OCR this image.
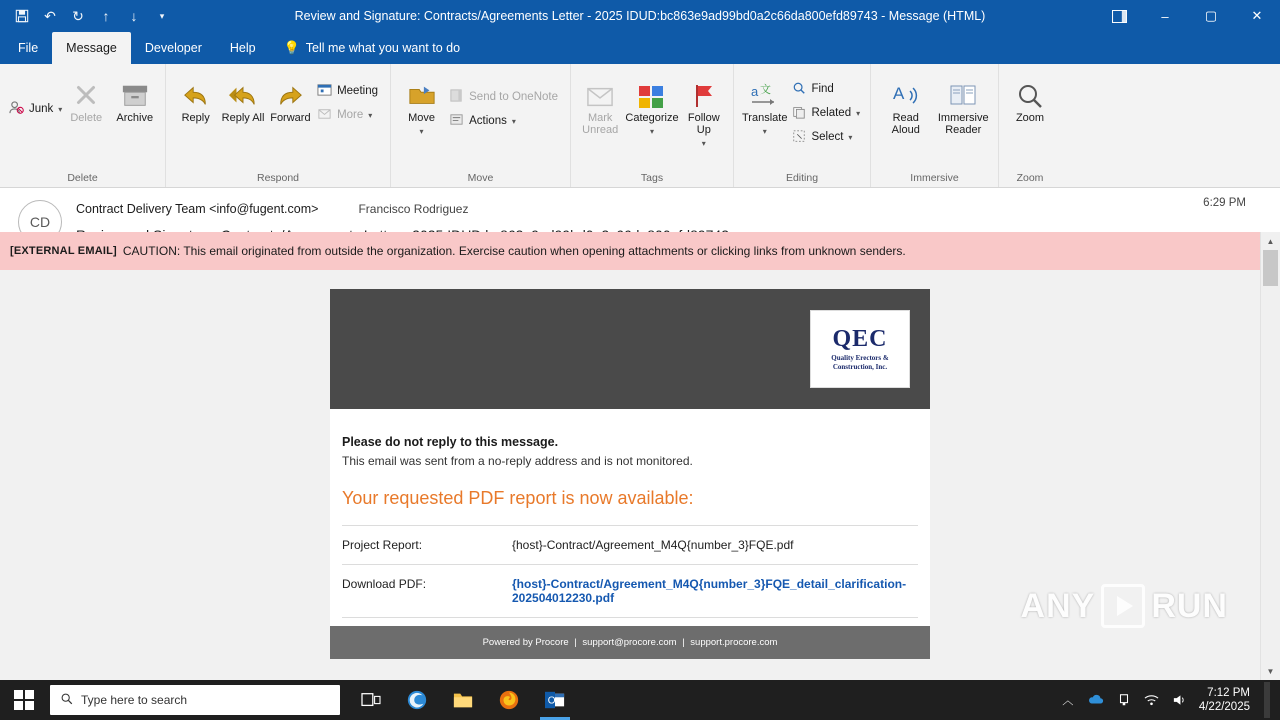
↶	↻	↑	↓	▾	Review and Signature: Contracts/Agreements Letter - 2025 IDUD:bc863e9ad99bd0a2c66da800efd89743 - Message (HTML)	–	▢	✕
File	Message	Developer	Help	💡 Tell me what you want to do
Junk ▾
Delete Archive
Delete
Reply Reply All Forward
Meeting
More ▾
Respond
Move
▾
Send to OneNote
Actions ▾
Move
Mark
Unread
Categorize
▾
Follow
Up
▾
Tags
a 文
Translate
▾
Find
Related ▾
Select ▾
Editing
A
Read
Aloud
Immersive
Reader
Immersive
Zoom
Zoom
CD
Contract Delivery Team <info@fugent.com>	Francisco Rodriguez	6:29 PM
[EXTERNAL EMAIL] CAUTION: This email originated from outside the organization. Exercise caution when opening attachments or clicking links from unknown senders.
QEC
Quality Erectors & Construction, Inc.
Please do not reply to this message.
This email was sent from a no-reply address and is not monitored.
Your requested PDF report is now available:
Project Report:	{host}-Contract/Agreement_M4Q{number_3}FQE.pdf
Download PDF:	{host}-Contract/Agreement_M4Q{number_3}FQE_detail_clarification-202504012230.pdf
Powered by Procore | support@procore.com | support.procore.com
ANY RUN
▲
▼
Type here to search	O	︿
7:12 PM
4/22/2025
